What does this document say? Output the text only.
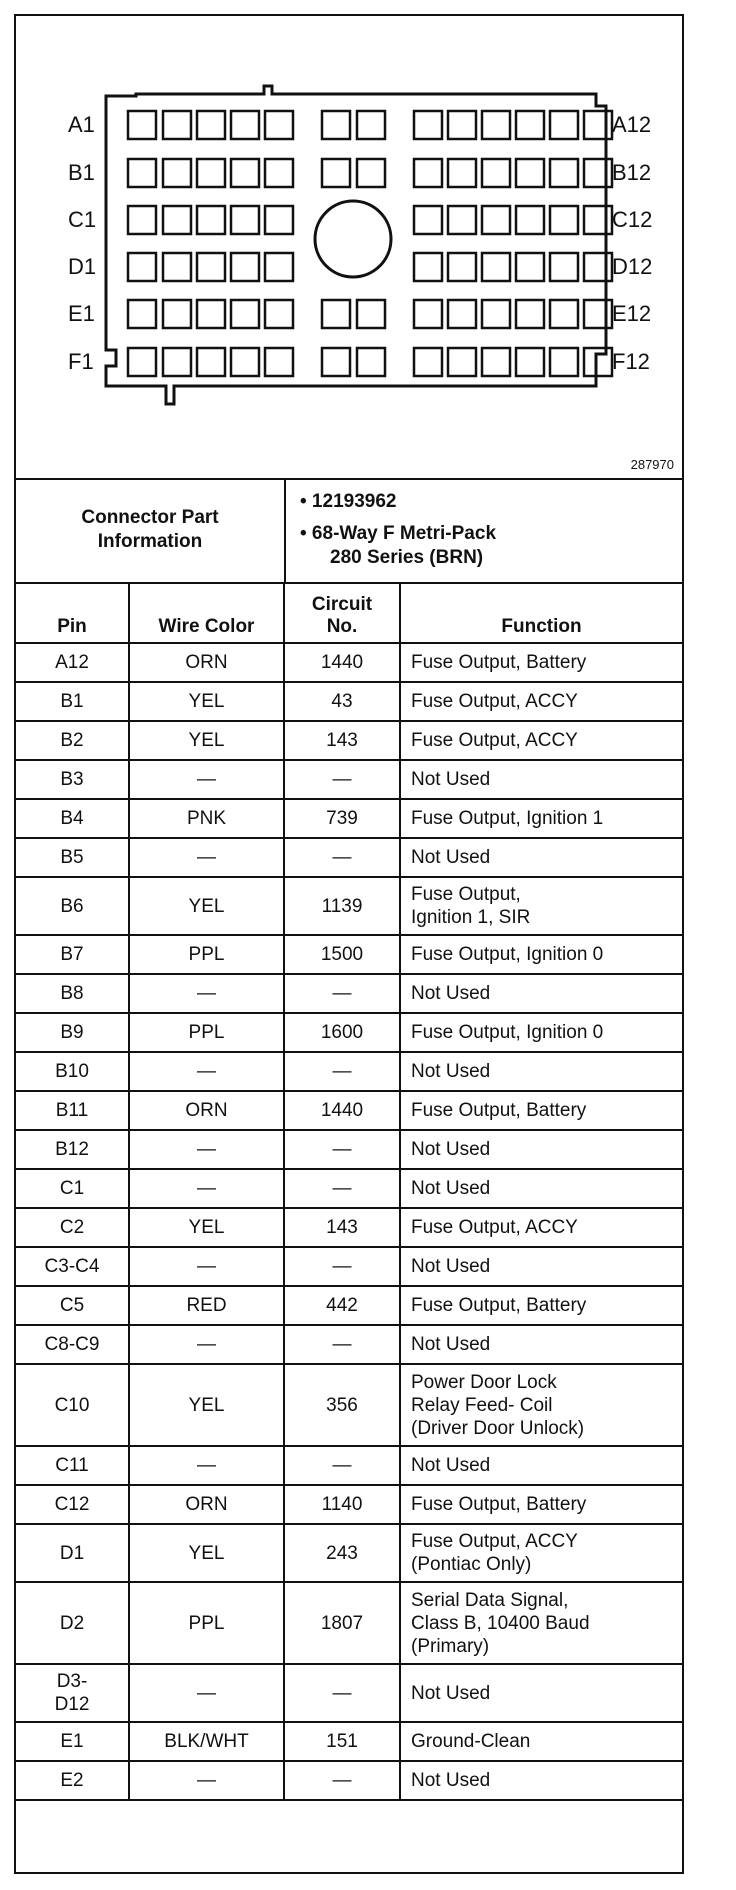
287970
A1
B1
C1
D1
E1
F1
A12
B12
C12
D12
E12
F12
Connector Part
Information
• 12193962
• 68-Way F Metri-Pack
280 Series (BRN)
Pin	Wire Color	Circuit
No.	Function
A12	ORN	1440	Fuse Output, Battery

B1	YEL	43	Fuse Output, ACCY

B2	YEL	143	Fuse Output, ACCY

B3	—	—	Not Used

B4	PNK	739	Fuse Output, Ignition 1

B5	—	—	Not Used

B6	YEL	1139	Fuse Output,
Ignition 1, SIR

B7	PPL	1500	Fuse Output, Ignition 0

B8	—	—	Not Used

B9	PPL	1600	Fuse Output, Ignition 0

B10	—	—	Not Used

B11	ORN	1440	Fuse Output, Battery

B12	—	—	Not Used

C1	—	—	Not Used

C2	YEL	143	Fuse Output, ACCY

C3-C4	—	—	Not Used

C5	RED	442	Fuse Output, Battery

C8-C9	—	—	Not Used

C10	YEL	356	Power Door Lock
Relay Feed- Coil
(Driver Door Unlock)

C11	—	—	Not Used

C12	ORN	1140	Fuse Output, Battery

D1	YEL	243	Fuse Output, ACCY
(Pontiac Only)

D2	PPL	1807	Serial Data Signal,
Class B, 10400 Baud
(Primary)

D3-
D12	—	—	Not Used

E1	BLK/WHT	151	Ground-Clean

E2	—	—	Not Used
